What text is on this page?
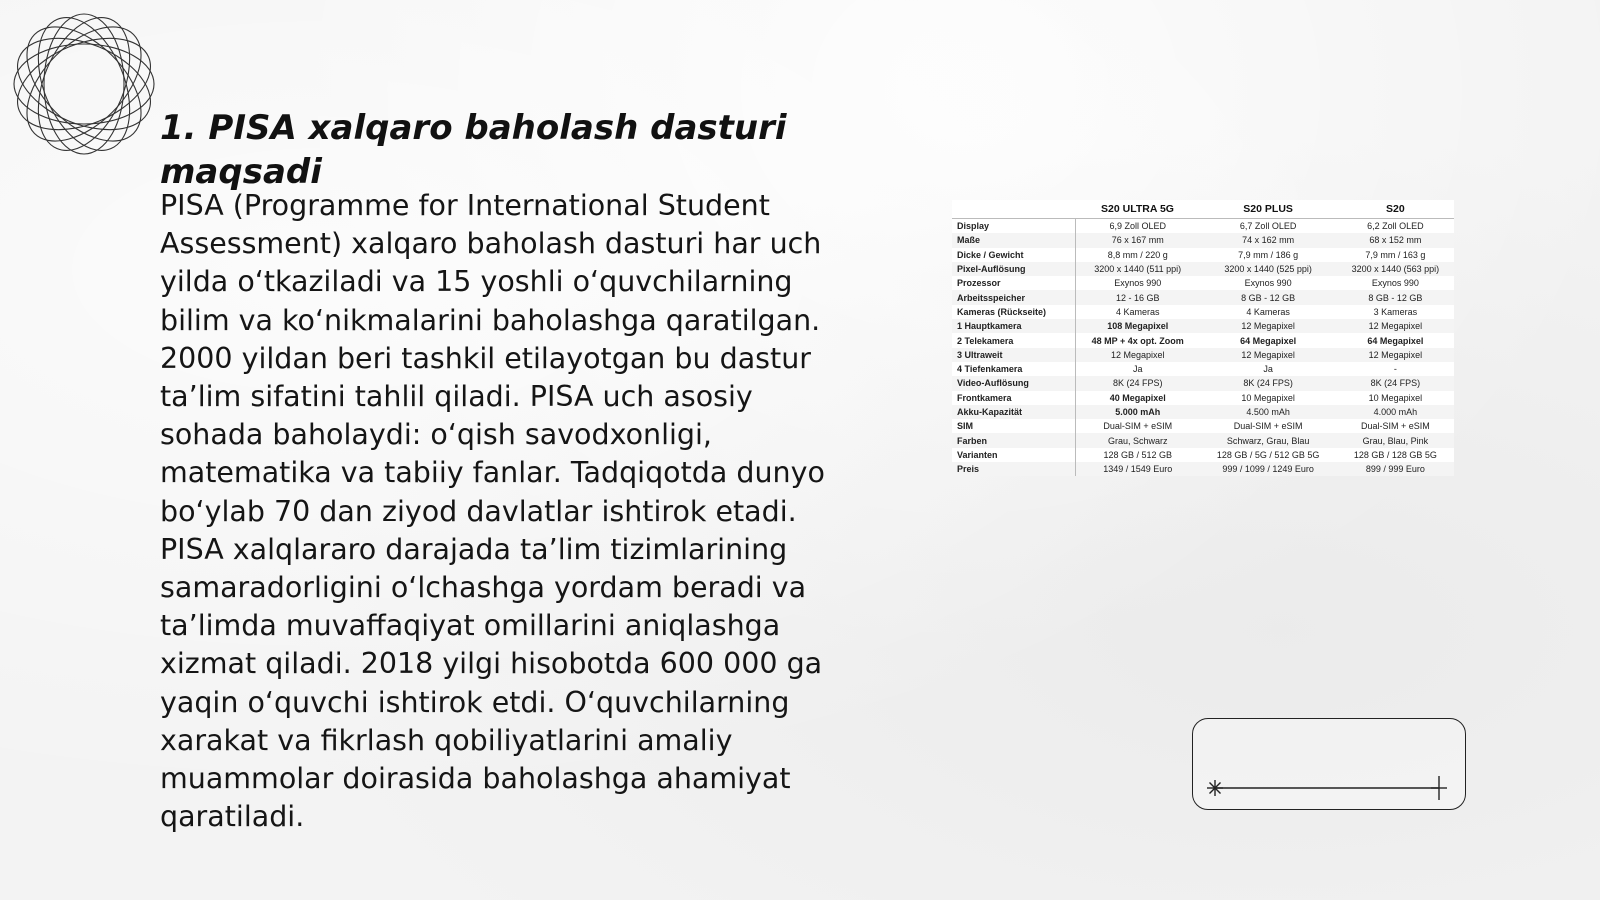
1. PISA xalqaro baholash dasturi maqsadi

PISA (Programme for International Student Assessment) xalqaro baholash dasturi har uch yilda o‘tkaziladi va 15 yoshli o‘quvchilarning bilim va ko‘nikmalarini baholashga qaratilgan. 2000 yildan beri tashkil etilayotgan bu dastur ta’lim sifatini tahlil qiladi. PISA uch asosiy sohada baholaydi: o‘qish savodxonligi, matematika va tabiiy fanlar. Tadqiqotda dunyo bo‘ylab 70 dan ziyod davlatlar ishtirok etadi. PISA xalqlararo darajada ta’lim tizimlarining samaradorligini o‘lchashga yordam beradi va ta’limda muvaffaqiyat omillarini aniqlashga xizmat qiladi. 2018 yilgi hisobotda 600 000 ga yaqin o‘quvchi ishtirok etdi. O‘quvchilarning xarakat va fikrlash qobiliyatlarini amaliy muammolar doirasida baholashga ahamiyat qaratiladi.

	S20 ULTRA 5G	S20 PLUS	S20
Display	6,9 Zoll OLED	6,7 Zoll OLED	6,2 Zoll OLED
Maße	76 x 167 mm	74 x 162 mm	68 x 152 mm
Dicke / Gewicht	8,8 mm / 220 g	7,9 mm / 186 g	7,9 mm / 163 g
Pixel-Auflösung	3200 x 1440 (511 ppi)	3200 x 1440 (525 ppi)	3200 x 1440 (563 ppi)
Prozessor	Exynos 990	Exynos 990	Exynos 990
Arbeitsspeicher	12 - 16 GB	8 GB - 12 GB	8 GB - 12 GB
Kameras (Rückseite)	4 Kameras	4 Kameras	3 Kameras
1 Hauptkamera	108 Megapixel	12 Megapixel	12 Megapixel
2 Telekamera	48 MP + 4x opt. Zoom	64 Megapixel	64 Megapixel
3 Ultraweit	12 Megapixel	12 Megapixel	12 Megapixel
4 Tiefenkamera	Ja	Ja	-
Video-Auflösung	8K (24 FPS)	8K (24 FPS)	8K (24 FPS)
Frontkamera	40 Megapixel	10 Megapixel	10 Megapixel
Akku-Kapazität	5.000 mAh	4.500 mAh	4.000 mAh
SIM	Dual-SIM + eSIM	Dual-SIM + eSIM	Dual-SIM + eSIM
Farben	Grau, Schwarz	Schwarz, Grau, Blau	Grau, Blau, Pink
Varianten	128 GB / 512 GB	128 GB / 5G / 512 GB 5G	128 GB / 128 GB 5G
Preis	1349 / 1549 Euro	999 / 1099 / 1249 Euro	899 / 999 Euro
